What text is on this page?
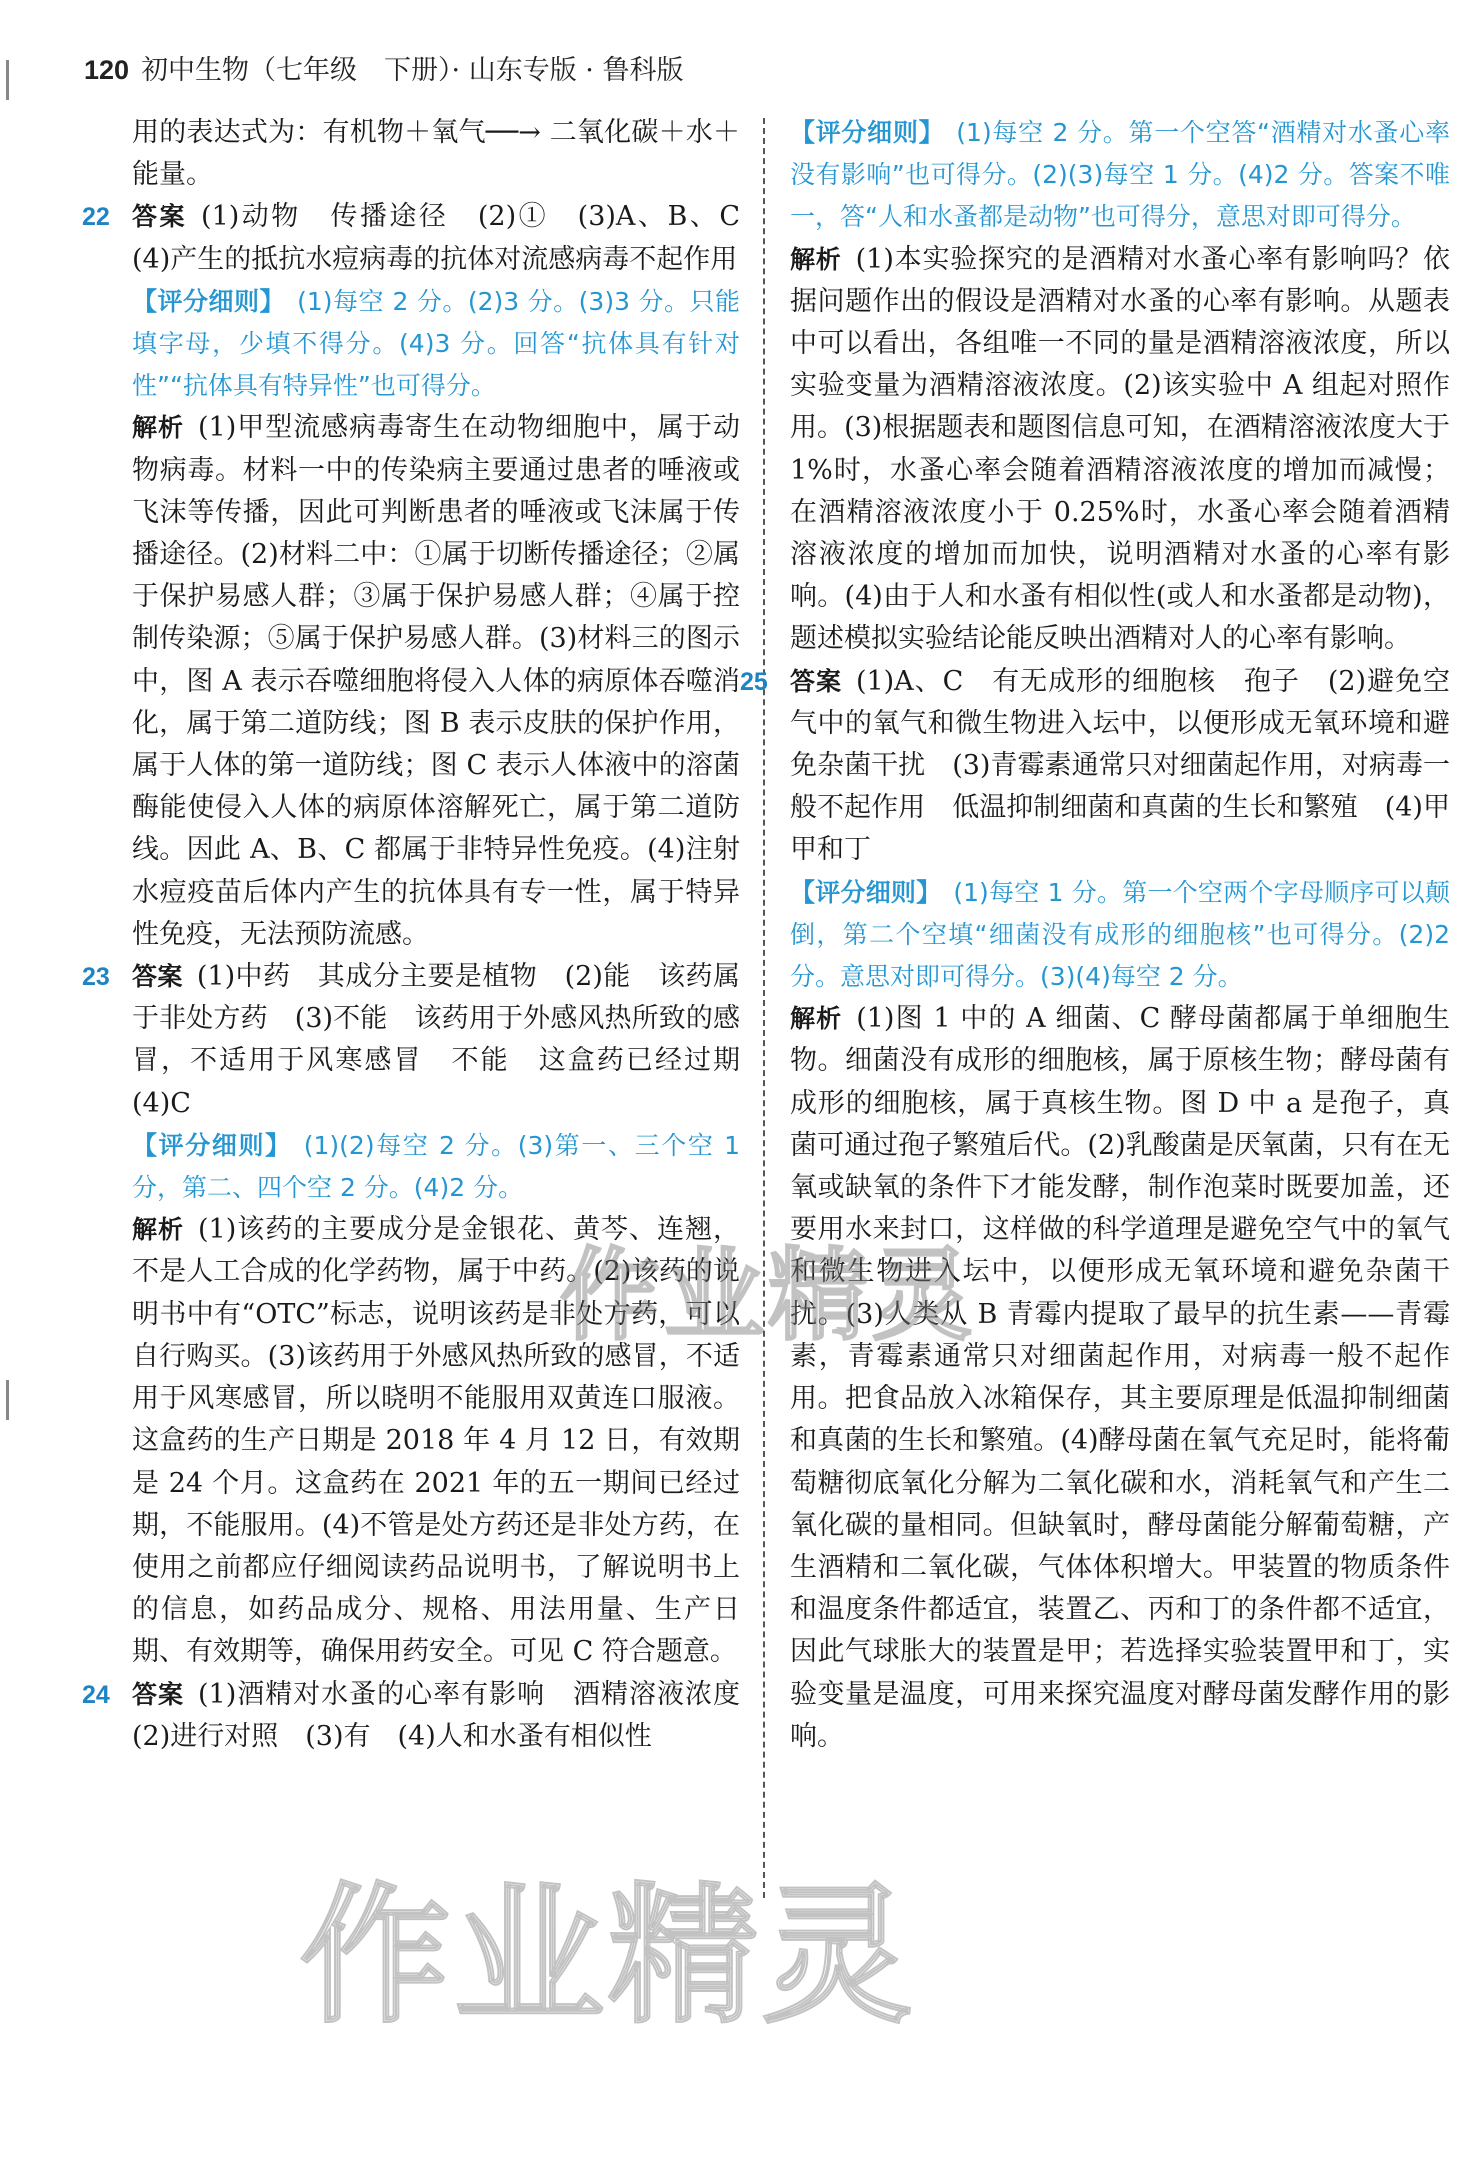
120 初中生物（七年级　下册）· 山东专版 · 鲁科版

用的表达式为：有机物＋氧气──→ 二氧化碳＋水＋能量。

22 答案 (1)动物　传播途径　(2)①　(3)A、B、C　(4)产生的抵抗水痘病毒的抗体对流感病毒不起作用

【评分细则】 (1)每空 2 分。(2)3 分。(3)3 分。只能填字母，少填不得分。(4)3 分。回答“抗体具有针对性”“抗体具有特异性”也可得分。

解析 (1)甲型流感病毒寄生在动物细胞中，属于动物病毒。材料一中的传染病主要通过患者的唾液或飞沫等传播，因此可判断患者的唾液或飞沫属于传播途径。(2)材料二中：①属于切断传播途径；②属于保护易感人群；③属于保护易感人群；④属于控制传染源；⑤属于保护易感人群。(3)材料三的图示中，图 A 表示吞噬细胞将侵入人体的病原体吞噬消化，属于第二道防线；图 B 表示皮肤的保护作用，属于人体的第一道防线；图 C 表示人体液中的溶菌酶能使侵入人体的病原体溶解死亡，属于第二道防线。因此 A、B、C 都属于非特异性免疫。(4)注射水痘疫苗后体内产生的抗体具有专一性，属于特异性免疫，无法预防流感。

23 答案 (1)中药　其成分主要是植物　(2)能　该药属于非处方药　(3)不能　该药用于外感风热所致的感冒，不适用于风寒感冒　不能　这盒药已经过期　(4)C

【评分细则】 (1)(2)每空 2 分。(3)第一、三个空 1 分，第二、四个空 2 分。(4)2 分。

解析 (1)该药的主要成分是金银花、黄芩、连翘，不是人工合成的化学药物，属于中药。(2)该药的说明书中有“OTC”标志，说明该药是非处方药，可以自行购买。(3)该药用于外感风热所致的感冒，不适用于风寒感冒，所以晓明不能服用双黄连口服液。这盒药的生产日期是 2018 年 4 月 12 日，有效期是 24 个月。这盒药在 2021 年的五一期间已经过期，不能服用。(4)不管是处方药还是非处方药，在使用之前都应仔细阅读药品说明书，了解说明书上的信息，如药品成分、规格、用法用量、生产日期、有效期等，确保用药安全。可见 C 符合题意。

24 答案 (1)酒精对水蚤的心率有影响　酒精溶液浓度　(2)进行对照　(3)有　(4)人和水蚤有相似性

【评分细则】 (1)每空 2 分。第一个空答“酒精对水蚤心率没有影响”也可得分。(2)(3)每空 1 分。(4)2 分。答案不唯一，答“人和水蚤都是动物”也可得分，意思对即可得分。

解析 (1)本实验探究的是酒精对水蚤心率有影响吗？依据问题作出的假设是酒精对水蚤的心率有影响。从题表中可以看出，各组唯一不同的量是酒精溶液浓度，所以实验变量为酒精溶液浓度。(2)该实验中 A 组起对照作用。(3)根据题表和题图信息可知，在酒精溶液浓度大于 1%时，水蚤心率会随着酒精溶液浓度的增加而减慢；在酒精溶液浓度小于 0.25%时，水蚤心率会随着酒精溶液浓度的增加而加快，说明酒精对水蚤的心率有影响。(4)由于人和水蚤有相似性(或人和水蚤都是动物)，题述模拟实验结论能反映出酒精对人的心率有影响。

25 答案 (1)A、C　有无成形的细胞核　孢子　(2)避免空气中的氧气和微生物进入坛中，以便形成无氧环境和避免杂菌干扰　(3)青霉素通常只对细菌起作用，对病毒一般不起作用　低温抑制细菌和真菌的生长和繁殖　(4)甲　甲和丁

【评分细则】 (1)每空 1 分。第一个空两个字母顺序可以颠倒，第二个空填“细菌没有成形的细胞核”也可得分。(2)2 分。意思对即可得分。(3)(4)每空 2 分。

解析 (1)图 1 中的 A 细菌、C 酵母菌都属于单细胞生物。细菌没有成形的细胞核，属于原核生物；酵母菌有成形的细胞核，属于真核生物。图 D 中 a 是孢子，真菌可通过孢子繁殖后代。(2)乳酸菌是厌氧菌，只有在无氧或缺氧的条件下才能发酵，制作泡菜时既要加盖，还要用水来封口，这样做的科学道理是避免空气中的氧气和微生物进入坛中，以便形成无氧环境和避免杂菌干扰。(3)人类从 B 青霉内提取了最早的抗生素——青霉素，青霉素通常只对细菌起作用，对病毒一般不起作用。把食品放入冰箱保存，其主要原理是低温抑制细菌和真菌的生长和繁殖。(4)酵母菌在氧气充足时，能将葡萄糖彻底氧化分解为二氧化碳和水，消耗氧气和产生二氧化碳的量相同。但缺氧时，酵母菌能分解葡萄糖，产生酒精和二氧化碳，气体体积增大。甲装置的物质条件和温度条件都适宜，装置乙、丙和丁的条件都不适宜，因此气球胀大的装置是甲；若选择实验装置甲和丁，实验变量是温度，可用来探究温度对酵母菌发酵作用的影响。

作业精灵
作业精灵
